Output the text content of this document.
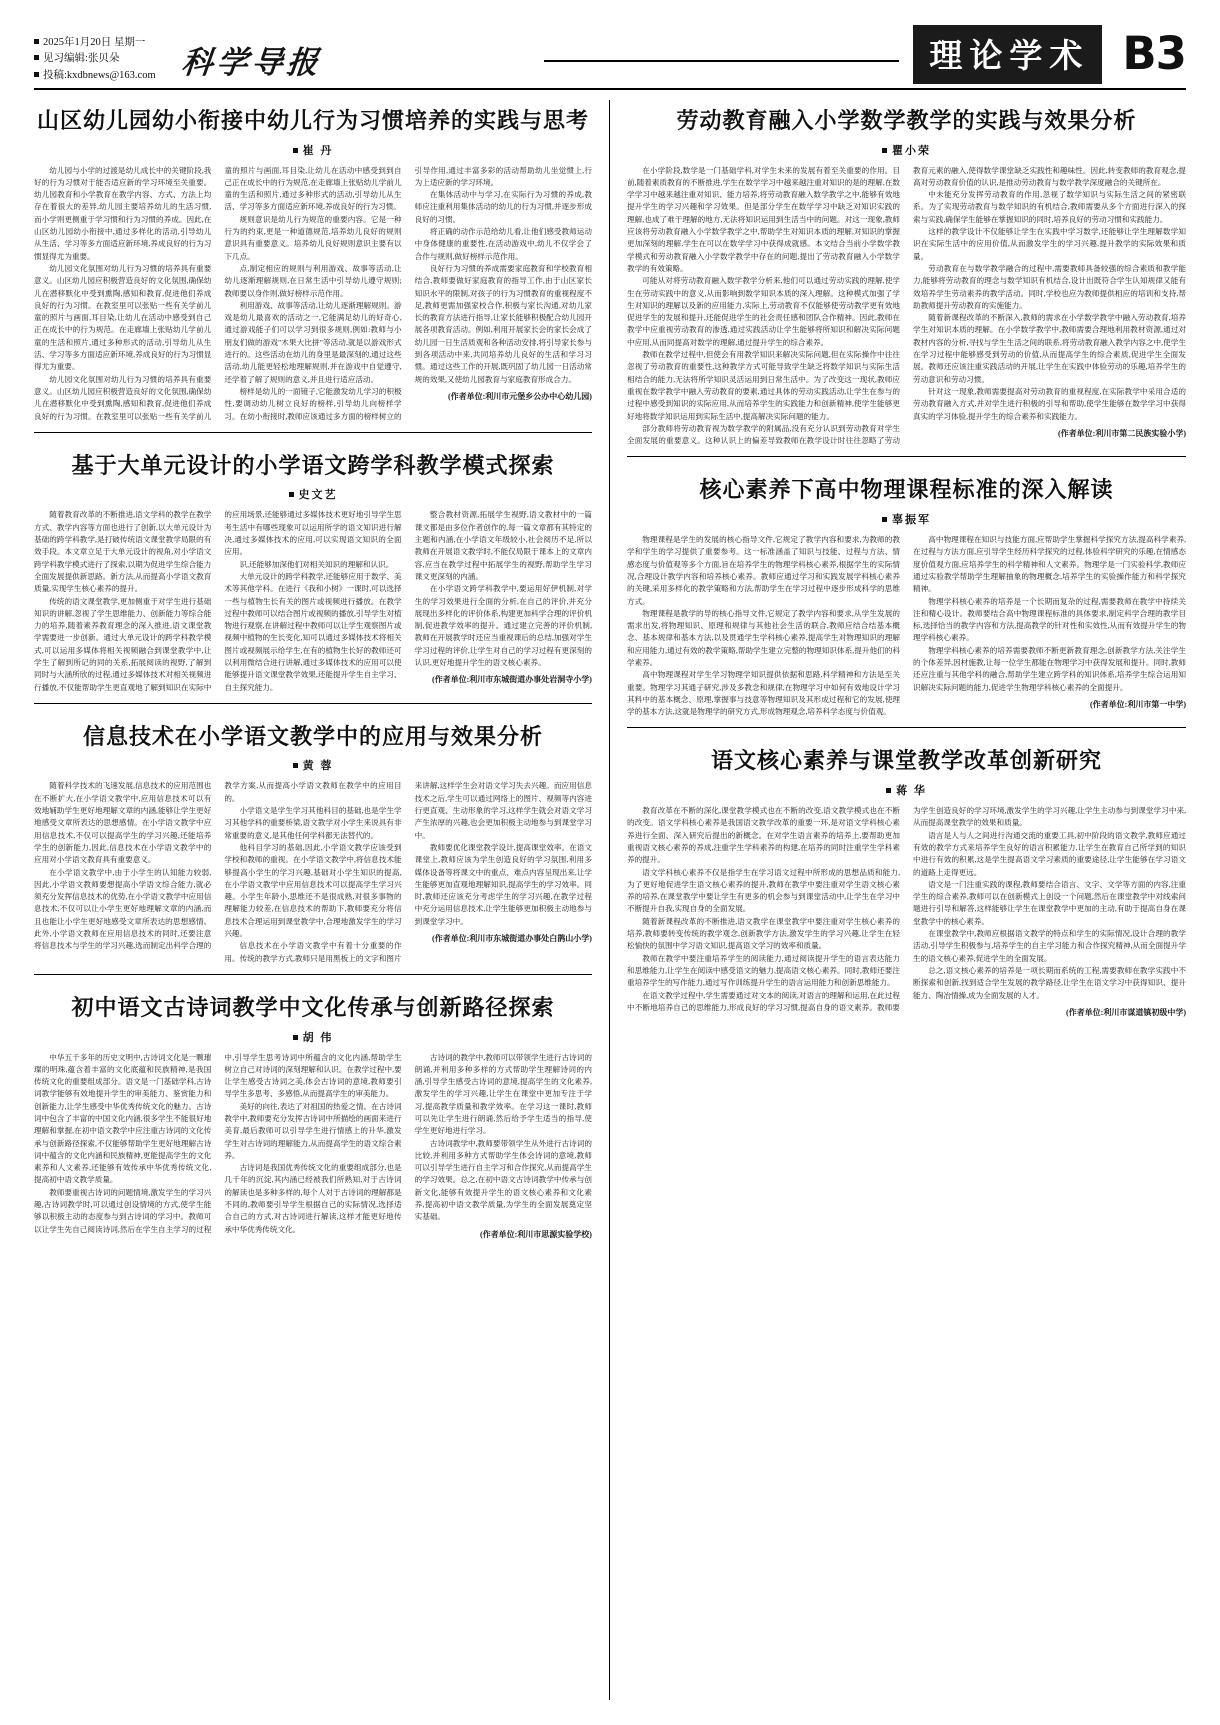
2025年1月20日 星期一
见习编辑:张贝朵
投稿:kxdbnews@163.com 科学导报	理论学术 B3
山区幼儿园幼小衔接中幼儿行为习惯培养的实践与思考
崔 丹

幼儿园与小学的过渡是幼儿成长中的关键阶段,我好的行为习惯对于能否适应新的学习环境至关重要。幼儿园教育和小学教育在教学内容、方式、方法上均存在着很大的差异,幼儿园主要培养幼儿的生活习惯,而小学则更侧重于学习惯和行为习惯的养成。因此,在山区幼儿园幼小衔接中,通过多样化的活动,引导幼儿从生活、学习等多方面适应新环境,养成良好的行为习惯显得尤为重要。

幼儿园文化氛围对幼儿行为习惯的培养具有重要意义。山区幼儿园应积极营造良好的文化氛围,确保幼儿在潜移默化中受到熏陶,感知和教育,促进他们养成良好的行为习惯。在教室里可以张贴一些有关学前儿童的照片与画面,耳目染,让幼儿在活动中感受到自己正在成长中的行为规范。在走廊墙上张贴幼儿学前儿童的生活和照片,通过多种形式的活动,引导幼儿从生活、学习等多方面适应新环境,养成良好的行为习惯显得尤为重要。

幼儿园文化氛围对幼儿行为习惯的培养具有重要意义。山区幼儿园应积极营造良好的文化氛围,确保幼儿在潜移默化中受到熏陶,感知和教育,促进他们养成良好的行为习惯。在教室里可以张贴一些有关学前儿童的照片与画面,耳目染,让幼儿在活动中感受到到自己正在成长中的行为规范,在走廊墙上张贴幼儿学前儿童的生活和照片,通过多种形式的活动,引导幼儿从生活、学习等多方面适应新环境,养成良好的行为习惯。

规则意识是幼儿行为规范的重要内容。它是一种行为的约束,更是一种道德规范,培养幼儿良好的规则意识具有重要意义。培养幼儿良好规则意识主要有以下几点。

点,制定相应的规则与利用游戏、故事等活动,让幼儿逐渐理解规则,在日常生活中引导幼儿遵守规则;教师要以身作则,做好榜样示范作用。

利用游戏、故事等活动,让幼儿逐渐理解规则。游戏是幼儿最喜欢的活动之一,它能满足幼儿的好奇心,通过游戏能子们可以学习到很多规则,例如:教师与小朋友们做的游戏"木果大比拼"等活动,就是以游戏形式进行的。这些活动在幼儿的身里是最深刻的,通过这些活动,幼儿能更轻松地理解规则,并在游戏中自觉遵守,还学着了解了规则的意义,并且进行适应活动。

榜样是幼儿的一面镜子,它能激发幼儿学习的积极性,要调动幼儿树立良好的榜样,引导幼儿向榜样学习。在幼小衔接时,教师应该通过多方面的榜样树立的引导作用,通过丰富多彩的活动帮助幼儿坐觉惯上,行为上适应新的学习环境。

在集体活动中与学习,在实际行为习惯的养成,教师应注重利用集体活动的幼儿的行为习惯,并逐步形成良好的习惯。

将正确的动作示范给幼儿看,让他们感受教师运动中身体健康的重要性,在活动游戏中,幼儿不仅学会了合作与规则,做好榜样示范作用。

良好行为习惯的养成需要家庭教育和学校教育相结合,教师要做好家庭教育的指导工作,由于山区家长知识水平的限制,对孩子的行为习惯教育的重视程度不足,教师更需加强家校合作,积极与家长沟通,对幼儿家长的教育方法进行指导,让家长能够积极配合幼儿园开展各项教育活动。例如,利用开展家长会的家长会成了幼儿园一日生活质观和各种活动安排,将引导家长参与到各项活动中来,共同培养幼儿良好的生活和学习习惯。通过这些工作的开展,既巩固了幼儿园一日活动常规的效果,又使幼儿园教育与家庭教育形成合力。

(作者单位:利川市元堡乡公办中心幼儿园)
基于大单元设计的小学语文跨学科教学模式探索
史文艺

随着教育改革的不断推进,语文学科的教学在教学方式、教学内容等方面也进行了创新,以大单元设计为基础的跨学科教学,是打破传统语文课堂教学局限的有效手段。本文章立足于大单元设计的视角,对小学语文跨学科教学模式进行了探索,以期为促进学生综合能力全面发展提供新思路。新方法,从而提高小学语文教育质量,实现学生核心素养的提升。

传统的语文课堂教学,更加侧重于对学生进行基础知识的讲解,忽视了学生思维能力、创新能力等综合能力的培养,随着素养教育理念的深入推进,语文课堂教学需要进一步创新。通过大单元设计的跨学科教学模式,可以运用多媒体将相关视频融合到课堂教学中,让学生了解到所记的同的关系,拓展阅读的视野,了解到同时与大涵所欣的过程,通过多媒体技术对相关视频进行播放,不仅能帮助学生更直观地了解到知识在实际中的应用场景,还能够通过多媒体技术更好地引导学生思考生活中有哪些现象可以运用所学的语文知识进行解决,通过多媒体技术的应用,可以实现语文知识的全面应用。

识,还能够加深他们对相关知识的理解和认识。

大单元设计的跨学科教学,还能够应用于数学、美术等其他学科。在进行《我和小树》一课时,可以选择一些与植物生长有关的图片或视频进行播放。在教学过程中教师可以结合图片或视频的播放,引导学生对植物进行观察,在讲解过程中教师可以让学生观察图片或视频中植物的生长变化,知可以通过多媒体技术将相关图片或视频展示给学生,在有的植物生长好的教师还可以利用微结合进行讲解,通过多媒体技术的应用可以使能够提升语文课堂教学效果,还能提升学生自主学习、自主探究能力。

整合教材资源,拓展学生视野,语文教材中的一篇课文都是由多位作者创作的,每一篇文章都有其特定的主题和内涵,在小学语文年级较小,社会阅历不足,所以教师在开展语文教学时,不能仅局限于课本上的文章内容,应当在教学过程中拓展学生的视野,帮助学生学习课文更深刻的内涵。

在小学语文跨学科教学中,要运用好伊机制,对学生的学习效果进行全面的分析,在自己的评价,并充分展现出多样化的评价体系,构建更加科学合理的评价机制,促进教学效率的提升。通过建立完善的评价机制,教师在开展教学时还应当重视课后的总结,加强对学生学习过程的评价,让学生对自己的学习过程有更深刻的认识,更好地提升学生的语文核心素养。

(作者单位:利川市东城街道办事处岩洞寺小学)
信息技术在小学语文教学中的应用与效果分析
黄 蓉

随着科学技术的飞速发展,信息技术的应用范围也在不断扩大,在小学语文教学中,应用信息技术可以有效地辅助学生更好地理解文章的内涵,能够让学生更好地感受文章所表达的思想感情。在小学语文教学中应用信息技术,不仅可以提高学生的学习兴趣,还能培养学生的创新能力,因此,信息技术在小学语文教学中的应用对小学语文教育具有重要意义。

在小学语文教学中,由于小学生的认知能力较弱,因此,小学语文教师要想提高小学语文综合能力,就必须充分发挥信息技术的优势,在小学语文教学中应用信息技术,不仅可以让小学生更好地理解文章的内涵,而且也能让小学生更好地感受文章所表达的思想感情。此外,小学语文教师在应用信息技术的同时,还要注意将信息技术与学生的学习兴趣,选而制定出科学合理的教学方案,从而提高小学语文教师在教学中的应用目的。

小学语文是学生学习其他科目的基础,也是学生学习其他学科的重要桥梁,语文教学对小学生来说具有非常重要的意义,是其他任何学科都无法替代的。

他科目学习的基础,因此,小学语文教学应该受到学校和教师的重视。在小学语文教学中,将信息技术能够提高小学生的学习兴趣,基础对小学生知识的提高,在小学语文教学中应用信息技术可以提高学生学习兴趣。小学生年龄小,思维还不是很成熟,对很多事物的理解能力较差,在信息技术的帮助下,教师要充分将信息技术合理运用到课堂教学中,合理地激发学生的学习兴趣。

信息技术在小学语文教学中有着十分重要的作用。传统的教学方式,教师只是用黑板上的文字和图片来讲解,这样学生会对语文学习失去兴趣。而应用信息技术之后,学生可以通过网络上的图片、视频等内容进行更直观、生动形象的学习,这样学生就会对语文学习产生浓厚的兴趣,也会更加积极主动地参与到课堂学习中。

教师要优化课堂教学设计,提高课堂效率。在语文课堂上,教师应该为学生创造良好的学习氛围,利用多媒体设备等将课文中的重点、难点内容呈现出来,让学生能够更加直观地理解知识,提高学生的学习效率。同时,教师还应该充分考虑学生的学习兴趣,在教学过程中充分运用信息技术,让学生能够更加积极主动地参与到课堂学习中。

(作者单位:利川市东城街道办事处白鹊山小学)
初中语文古诗词教学中文化传承与创新路径探索
胡 伟

中华五千多年的历史文明中,古诗词文化是一颗璀璨的明珠,蕴含着丰富的文化底蕴和民族精神,是我国传统文化的重要组成部分。语文是一门基础学科,古诗词教学能够有效地提升学生的审美能力、鉴赏能力和创新能力,让学生感受中华优秀传统文化的魅力。古诗词中包含了丰富的中国文化内涵,很多学生不能很好地理解和掌握,在初中语文教学中应注重古诗词的文化传承与创新路径探索,不仅能够帮助学生更好地理解古诗词中蕴含的文化内涵和民族精神,更能提高学生的文化素养和人文素养,还能够有效传承中华优秀传统文化,提高初中语文教学质量。

教师要重视古诗词的问题情境,激发学生的学习兴趣,古诗词教学时,可以通过创设情境的方式,使学生能够以积极主动的态度参与到古诗词的学习中。教师可以让学生先自己阅读诗词,然后在学生自主学习的过程中,引导学生思考诗词中所蕴含的文化内涵,帮助学生树立自己对诗词的深刻理解和认识。在教学过程中,要让学生感受古诗词之美,体会古诗词的意境,教师要引导学生多思考、多感悟,从而提高学生的审美能力。

美好的向往,表达了对祖国的热爱之情。在古诗词教学中,教师要充分发挥古诗词中所描绘的画面来进行美育,最后教师可以引导学生进行情感上的升华,激发学生对古诗词的理解能力,从而提高学生的语文综合素养。

古诗词是我国优秀传统文化的重要组成部分,也是几千年的沉淀,其内涵已经被我们所熟知,对于古诗词的解读也是多种多样的,每个人对于古诗词的理解都是不同的,教师要引导学生根据自己的实际情况,选择适合自己的方式,对古诗词进行解读,这样才能更好地传承中华优秀传统文化。

古诗词的教学中,教师可以带领学生进行古诗词的朗诵,并利用多种多样的方式帮助学生理解诗词的内涵,引导学生感受古诗词的意境,提高学生的文化素养,激发学生的学习兴趣,让学生在课堂中更加专注于学习,提高教学质量和教学效率。在学习这一课时,教师可以先让学生进行朗诵,然后给予学生适当的指导,使学生更好地进行学习。

古诗词教学中,教师要带领学生从外进行古诗词的比较,并利用多种方式帮助学生体会诗词的意境,教师可以引导学生进行自主学习和合作探究,从而提高学生的学习效果。总之,在初中语文古诗词教学中传承与创新文化,能够有效提升学生的语文核心素养和文化素养,提高初中语文教学质量,为学生的全面发展奠定坚实基础。

(作者单位:利川市思源实验学校)
劳动教育融入小学数学教学的实践与效果分析
瞿小荣

在小学阶段,数学是一门基础学科,对学生未来的发展有着至关重要的作用。目前,随着素质教育的不断推进,学生在数学学习中越来越注重对知识的是的理解,在数学学习中越来越注重对知识、能力培养,将劳动教育融入数学教学之中,能够有效地提升学生的学习兴趣和学习效果。但是部分学生在数学学习中缺乏对知识实践的理解,也成了难于理解的地方,无法将知识运用到生活当中的问题。对这一现象,教师应该将劳动教育融入小学数学教学之中,帮助学生对知识本质的理解,对知识的掌握更加深刻的理解,学生在可以在数学学习中获得成就感。本文结合当前小学数学教学模式和劳动教育融入小学数学教学中存在的问题,提出了劳动教育融入小学数学教学的有效策略。

可能从对将劳动教育融入数学教学分析来,他们可以通过劳动实践的理解,使学生在劳动实践中的意义,从而影响到数学知识本质的深入理解。这种模式加强了学生对知识的理解以及新的应用能力,实际上,劳动教育不仅能够使劳动教学更有效地促进学生的发展和提升,还能促进学生的社会责任感和团队合作精神。因此,教师在教学中应重视劳动教育的渗透,通过实践活动让学生能够将所知识和解决实际问题中应用,从而同提高对数学的理解,通过提升学生的综合素养。

教师在教学过程中,但使会有用教学知识来解决实际问题,但在实际操作中往往忽视了劳动教育的重要性,这种教学方式可能导致学生缺乏将数学知识与实际生活相结合的能力,无法将所学知识灵活运用到日常生活中。为了改变这一现状,教师应重视在数学教学中融入劳动教育的要素,通过具体的劳动实践活动,让学生在参与的过程中感受到知识的实际应用,从而培养学生的实践能力和创新精神,使学生能够更好地将数学知识运用到实际生活中,提高解决实际问题的能力。

部分教师将劳动教育视为数学教学的附属品,没有充分认识到劳动教育对学生全面发展的重要意义。这种认识上的偏差导致教师在教学设计时往往忽略了劳动教育元素的融入,使得数学课堂缺乏实践性和趣味性。因此,转变教师的教育观念,提高对劳动教育价值的认识,是推动劳动教育与数学教学深度融合的关键所在。

中未能充分发挥劳动教育的作用,忽视了数学知识与实际生活之间的紧密联系。为了实现劳动教育与数学知识的有机结合,教师需要从多个方面进行深入的探索与实践,确保学生能够在掌握知识的同时,培养良好的劳动习惯和实践能力。

这样的教学设计不仅能够让学生在实践中学习数学,还能够让学生理解数学知识在实际生活中的应用价值,从而激发学生的学习兴趣,提升教学的实际效果和质量。

劳动教育在与数学教学融合的过程中,需要教师具备较强的综合素质和教学能力,能够将劳动教育的理念与数学知识有机结合,设计出既符合学生认知规律又能有效培养学生劳动素养的教学活动。同时,学校也应为教师提供相应的培训和支持,帮助教师提升劳动教育的实施能力。

随着新课程改革的不断深入,教师的需求在小学数学教学中融入劳动教育,培养学生对知识本质的理解。在小学数学教学中,教师需要合理地利用教材资源,通过对教材内容的分析,寻找与学生生活之间的联系,将劳动教育融入教学内容之中,使学生在学习过程中能够感受到劳动的价值,从而提高学生的综合素质,促进学生全面发展。教师还应该注重实践活动的开展,让学生在实践中体验劳动的乐趣,培养学生的劳动意识和劳动习惯。

针对这一现象,教师需要提高对劳动教育的重视程度,在实际教学中采用合适的劳动教育融入方式,并对学生进行积极的引导和帮助,使学生能够在数学学习中获得真实的学习体验,提升学生的综合素养和实践能力。

(作者单位:利川市第二民族实验小学)
核心素养下高中物理课程标准的深入解读
辜振军

物理课程是学生的发展的核心指导文件,它规定了教学内容和要求,为教师的教学和学生的学习提供了重要参考。这一标准涵盖了知识与技能、过程与方法、情感态度与价值观等多个方面,旨在培养学生的物理学科核心素养,根据学生的实际情况,合理设计教学内容和培养核心素养。教师应通过学习和实践发展学科核心素养的关键,采用多样化的教学策略和方法,帮助学生在学习过程中逐步形成科学的思维方式。

物理课程是教学的导的核心指导文件,它规定了教学内容和要求,从学生发展的需求出发,将物理知识、原理和规律与其他社会生活的联合,教师应结合结基本概念、基本规律和基本方法,以及贯通学生学科核心素养,提高学生对物理知识的理解和应用能力,通过有效的教学策略,帮助学生建立完整的物理知识体系,提升他们的科学素养。

高中物理课程对学生学习物理学知识提供依据和思路,科学精神和方法是至关重要。物理学习其通子研究,涉及多教念和规律,在物理学习中如何有效地设计学习其料中的基本概念、原理,掌握事与技意等物理知识及其形成过程和它的发展,使理学的基本方法,这就是物理学的研究方式,形成物理观念,培养科学态度与价值观。

高中物理课程在知识与技能方面,应帮助学生掌握科学探究方法,提高科学素养,在过程与方法方面,应引导学生经历科学探究的过程,体验科学研究的乐趣,在情感态度价值观方面,应培养学生的科学精神和人文素养。物理学是一门实验科学,教师应通过实验教学帮助学生理解抽象的物理概念,培养学生的实验操作能力和科学探究精神。

物理学科核心素养的培养是一个长期而复杂的过程,需要教师在教学中持续关注和精心设计。教师要结合高中物理课程标准的具体要求,制定科学合理的教学目标,选择恰当的教学内容和方法,提高教学的针对性和实效性,从而有效提升学生的物理学科核心素养。

物理学科核心素养的培养需要教师不断更新教育理念,创新教学方法,关注学生的个体差异,因材施教,让每一位学生都能在物理学习中获得发展和提升。同时,教师还应注重与其他学科的融合,帮助学生建立跨学科的知识体系,培养学生综合运用知识解决实际问题的能力,促进学生物理学科核心素养的全面提升。

(作者单位:利川市第一中学)
语文核心素养与课堂教学改革创新研究
蒋 华

教育改革在不断的深化,课堂教学模式也在不断的改变,语文教学模式也在不断的改变。语文学科核心素养是我国语文教学改革的重要一环,是对语文学科核心素养进行全面、深入研究后提出的新概念。在对学生语言素养的培养上,要帮助更加重视语文核心素养的养成,注重学生学科素养的构建,在培养的同时注重学生学科素养的提升。

语文学科核心素养不仅是指学生在学习语文过程中所形成的思想品质和能力,为了更好地促进学生语文核心素养的提升,教师在教学中要注重对学生语文核心素养的培养,在课堂教学中要让学生有更多的机会参与到课堂活动中,让学生在学习中不断提升自我,实现自身的全面发展。

随着新课程改革的不断推进,语文教学在课堂教学中要注重对学生核心素养的培养,教师要转变传统的教学观念,创新教学方法,激发学生的学习兴趣,让学生在轻松愉快的氛围中学习语文知识,提高语文学习的效率和质量。

教师在教学中要注重培养学生的阅读能力,通过阅读提升学生的语言表达能力和思维能力,让学生在阅读中感受语文的魅力,提高语文核心素养。同时,教师还要注重培养学生的写作能力,通过写作训练提升学生的语言运用能力和创新思维能力。

在语文教学过程中,学生需要通过对文本的阅读,对语言的理解和运用,在此过程中不断地培养自己的思维能力,形成良好的学习习惯,提高自身的语文素养。教师要为学生创造良好的学习环境,激发学生的学习兴趣,让学生主动参与到课堂学习中来,从而提高课堂教学的效果和质量。

语言是人与人之间进行沟通交流的重要工具,初中阶段的语文教学,教师应通过有效的教学方式来培养学生良好的语言积累能力,让学生在教育自己所学到的知识中进行有效的积累,这是学生提高语文学习素质的重要途径,让学生能够在学习语文的道路上走得更远。

语文是一门注重实践的课程,教师要结合语言、文字、文学等方面的内容,注重学生的综合素养,教师可以在创新模式上创设一个问题,然后在课堂教学中对线索问题进行引导和解答,这样能够让学生在课堂教学中更加的主动,有助于提高自身在课堂教学中的核心素养。

在课堂教学中,教师应根据语文教学的特点和学生的实际情况,设计合理的教学活动,引导学生积极参与,培养学生的自主学习能力和合作探究精神,从而全面提升学生的语文核心素养,促进学生的全面发展。

总之,语文核心素养的培养是一项长期而系统的工程,需要教师在教学实践中不断探索和创新,找到适合学生发展的教学路径,让学生在语文学习中获得知识、提升能力、陶冶情操,成为全面发展的人才。

(作者单位:利川市谋道镇初级中学)
